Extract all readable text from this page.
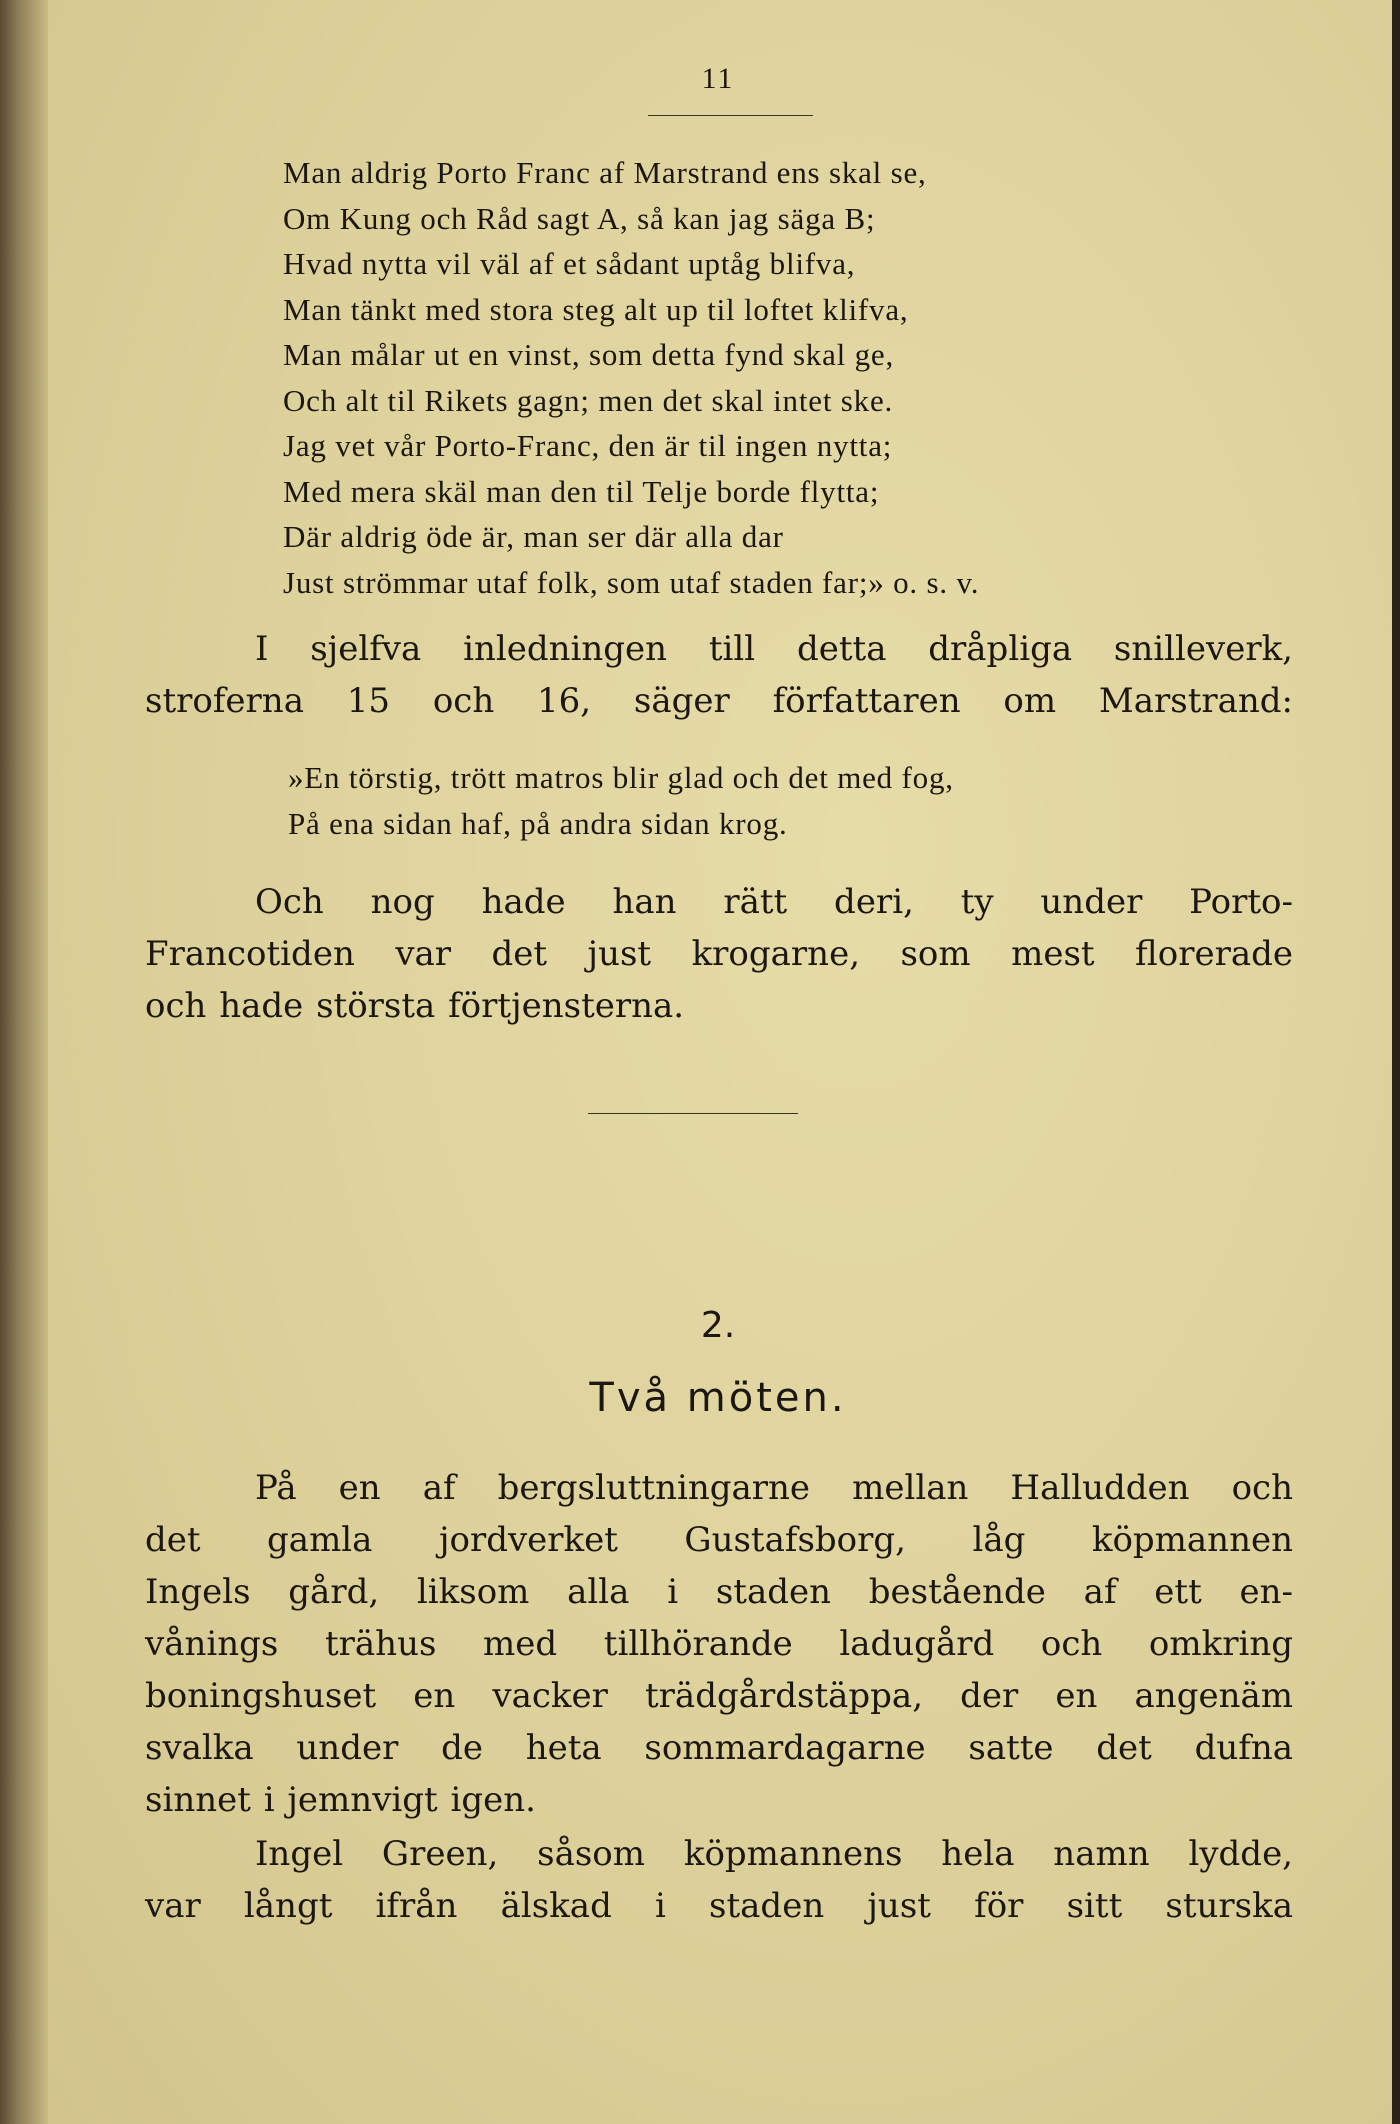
11
Man aldrig Porto Franc af Marstrand ens skal se,
Om Kung och Råd sagt A, så kan jag säga B;
Hvad nytta vil väl af et sådant uptåg blifva,
Man tänkt med stora steg alt up til loftet klifva,
Man målar ut en vinst, som detta fynd skal ge,
Och alt til Rikets gagn; men det skal intet ske.
Jag vet vår Porto-Franc, den är til ingen nytta;
Med mera skäl man den til Telje borde flytta;
Där aldrig öde är, man ser där alla dar
Just strömmar utaf folk, som utaf staden far;» o. s. v.
I sjelfva inledningen till detta dråpliga snilleverk,
stroferna 15 och 16, säger författaren om Marstrand:
»En törstig, trött matros blir glad och det med fog,
På ena sidan haf, på andra sidan krog.
Och nog hade han rätt deri, ty under Porto-
Francotiden var det just krogarne, som mest florerade
och hade största förtjensterna.
2.
Två möten.
På en af bergsluttningarne mellan Halludden och
det gamla jordverket Gustafsborg, låg köpmannen
Ingels gård, liksom alla i staden bestående af ett en-
vånings trähus med tillhörande ladugård och omkring
boningshuset en vacker trädgårdstäppa, der en angenäm
svalka under de heta sommardagarne satte det dufna
sinnet i jemnvigt igen.
Ingel Green, såsom köpmannens hela namn lydde,
var långt ifrån älskad i staden just för sitt sturska
